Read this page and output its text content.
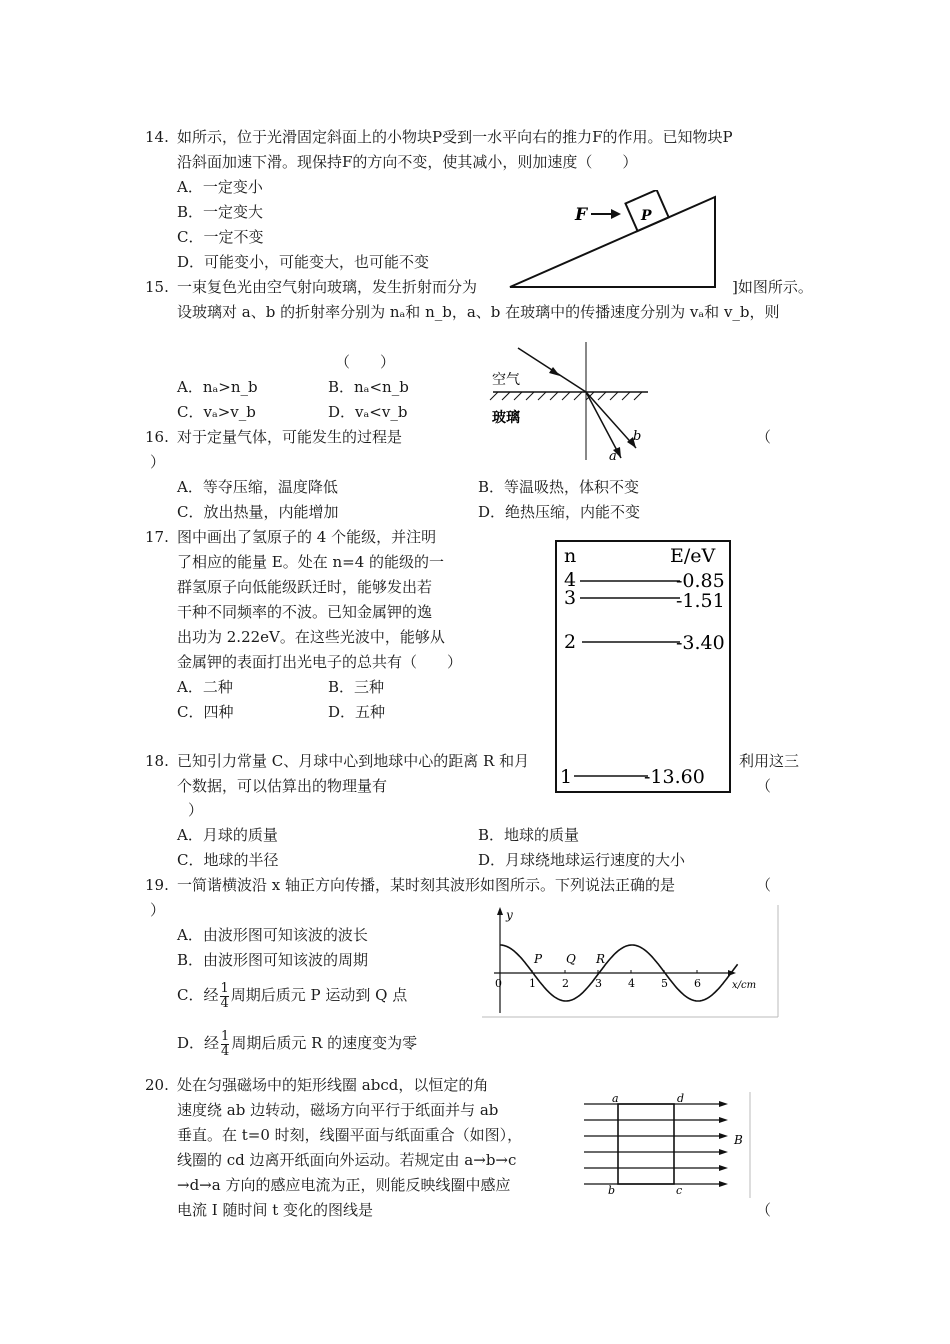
14. 如所示，位于光滑固定斜面上的小物块P受到一水平向右的推力F的作用。已知物块P
沿斜面加速下滑。现保持F的方向不变，使其减小，则加速度（　　）
A．一定变小
B．一定变大
C．一定不变
D．可能变小，可能变大，也可能不变
F	P
15. 一束复色光由空气射向玻璃，发生折射而分为	]如图所示。
设玻璃对 a、b 的折射率分别为 nₐ和 n_b，a、b 在玻璃中的传播速度分别为 vₐ和 v_b，则
（　　）
A．nₐ>n_b	B．nₐ<n_b
C．vₐ>v_b	D．vₐ<v_b
空气
玻璃
a
b
16. 对于定量气体，可能发生的过程是	（
）
A．等夺压缩，温度降低	B．等温吸热，体积不变
C．放出热量，内能增加	D．绝热压缩，内能不变
17. 图中画出了氢原子的 4 个能级，并注明
了相应的能量 E。处在 n=4 的能级的一
群氢原子向低能级跃迁时，能够发出若
干种不同频率的不波。已知金属钾的逸
出功为 2.22eV。在这些光波中，能够从
金属钾的表面打出光电子的总共有（　　）
A．二种	B．三种
C．四种	D．五种
n	E/eV
4	-0.85
3	-1.51
2	-3.40
1	-13.60
18. 已知引力常量 C、月球中心到地球中心的距离 R 和月	利用这三
个数据，可以估算出的物理量有	（
）
A．月球的质量	B．地球的质量
C．地球的半径	D．月球绕地球运行速度的大小
19. 一简谐横波沿 x 轴正方向传播，某时刻其波形如图所示。下列说法正确的是	（
）
A．由波形图可知该波的波长
B．由波形图可知该波的周期
C．经 $\frac{1}{4}$ 周期后质元 P 运动到 Q 点
D．经 $\frac{1}{4}$ 周期后质元 R 的速度变为零
y
x/cm
0 1 2 3 4 5 6
P Q R
20. 处在匀强磁场中的矩形线圈 abcd，以恒定的角
速度绕 ab 边转动，磁场方向平行于纸面并与 ab
垂直。在 t=0 时刻，线圈平面与纸面重合（如图），
线圈的 cd 边离开纸面向外运动。若规定由 a→b→c
→d→a 方向的感应电流为正，则能反映线圈中感应
电流 I 随时间 t 变化的图线是	（
a	d
b	c
B
